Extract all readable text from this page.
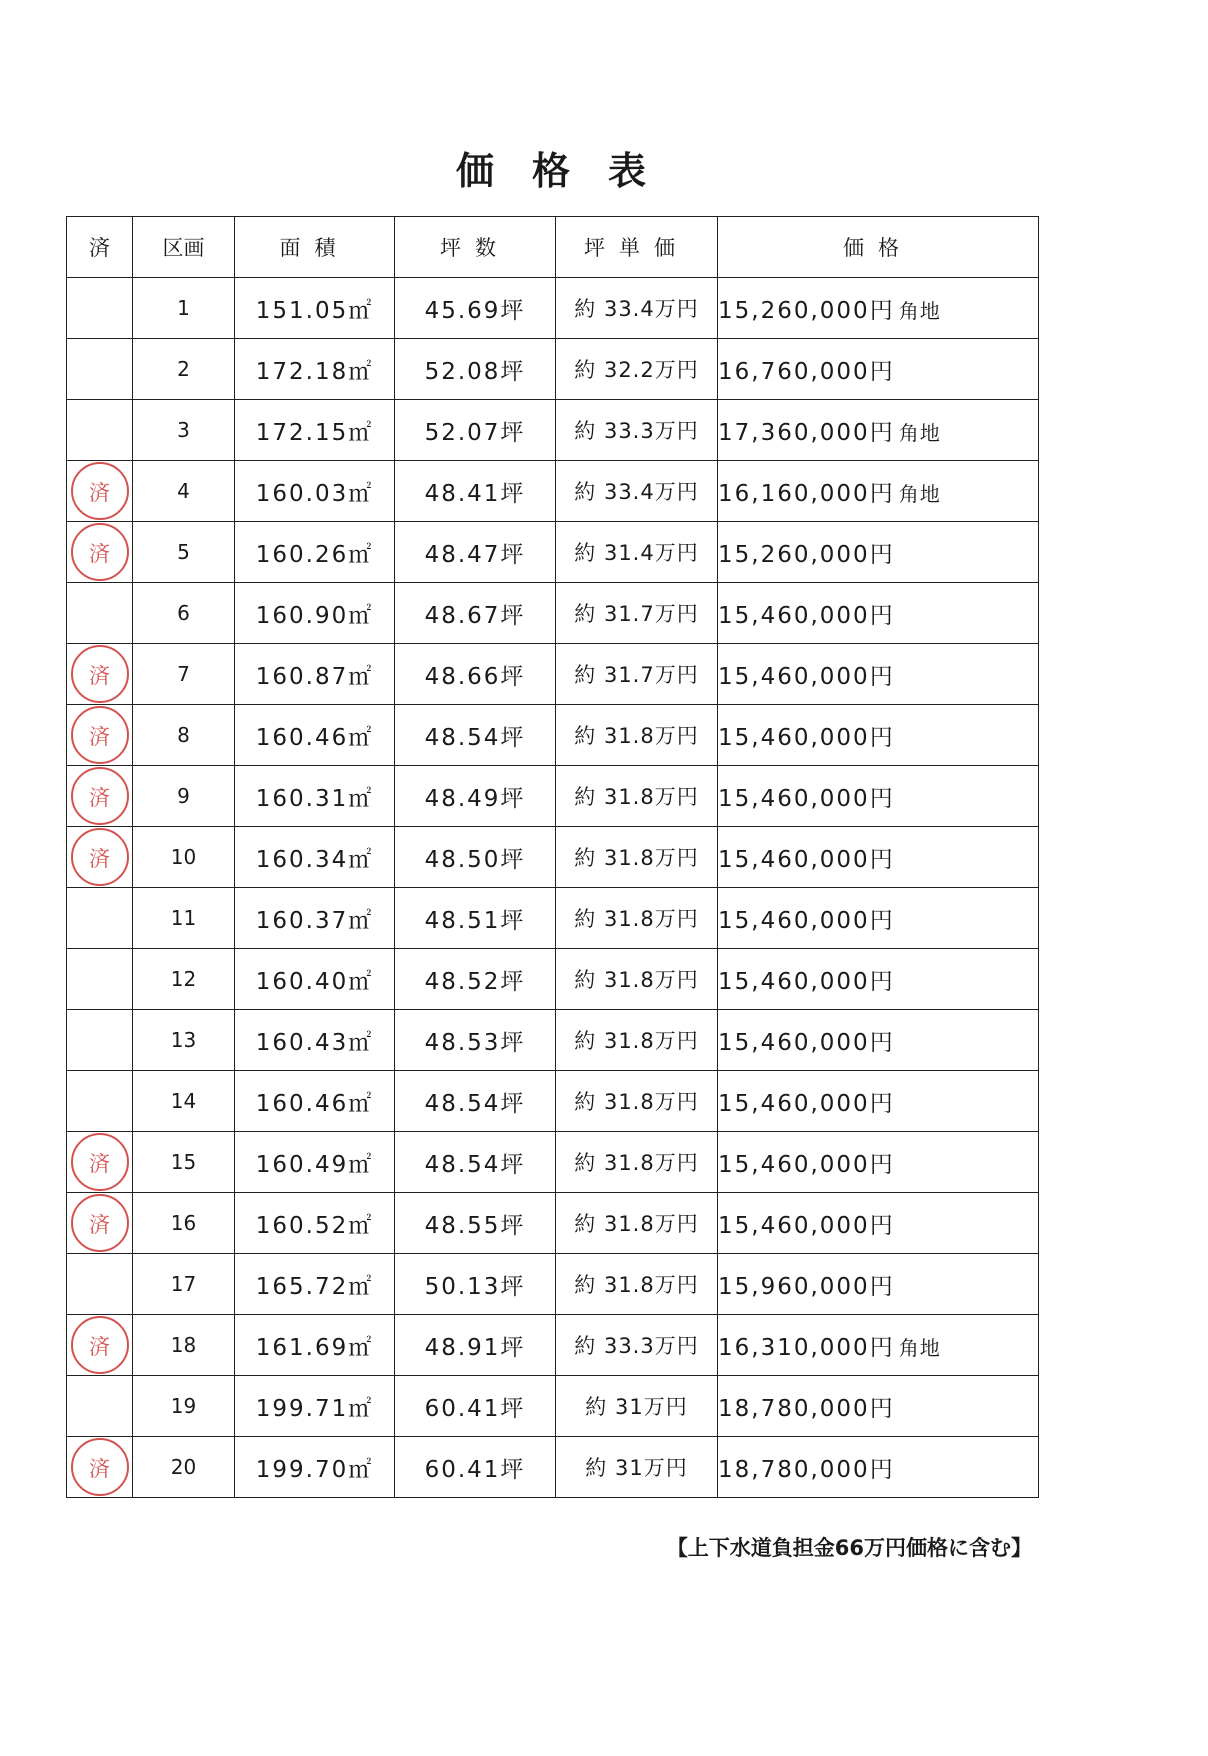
価格表
済	区画	面積	坪数	坪単価	価格
	1	151.05㎡	45.69坪	約 33.4万円	15,260,000円 角地
	2	172.18㎡	52.08坪	約 32.2万円	16,760,000円
	3	172.15㎡	52.07坪	約 33.3万円	17,360,000円 角地
済	4	160.03㎡	48.41坪	約 33.4万円	16,160,000円 角地
済	5	160.26㎡	48.47坪	約 31.4万円	15,260,000円
	6	160.90㎡	48.67坪	約 31.7万円	15,460,000円
済	7	160.87㎡	48.66坪	約 31.7万円	15,460,000円
済	8	160.46㎡	48.54坪	約 31.8万円	15,460,000円
済	9	160.31㎡	48.49坪	約 31.8万円	15,460,000円
済	10	160.34㎡	48.50坪	約 31.8万円	15,460,000円
	11	160.37㎡	48.51坪	約 31.8万円	15,460,000円
	12	160.40㎡	48.52坪	約 31.8万円	15,460,000円
	13	160.43㎡	48.53坪	約 31.8万円	15,460,000円
	14	160.46㎡	48.54坪	約 31.8万円	15,460,000円
済	15	160.49㎡	48.54坪	約 31.8万円	15,460,000円
済	16	160.52㎡	48.55坪	約 31.8万円	15,460,000円
	17	165.72㎡	50.13坪	約 31.8万円	15,960,000円
済	18	161.69㎡	48.91坪	約 33.3万円	16,310,000円 角地
	19	199.71㎡	60.41坪	約 31万円	18,780,000円
済	20	199.70㎡	60.41坪	約 31万円	18,780,000円
【上下水道負担金66万円価格に含む】
